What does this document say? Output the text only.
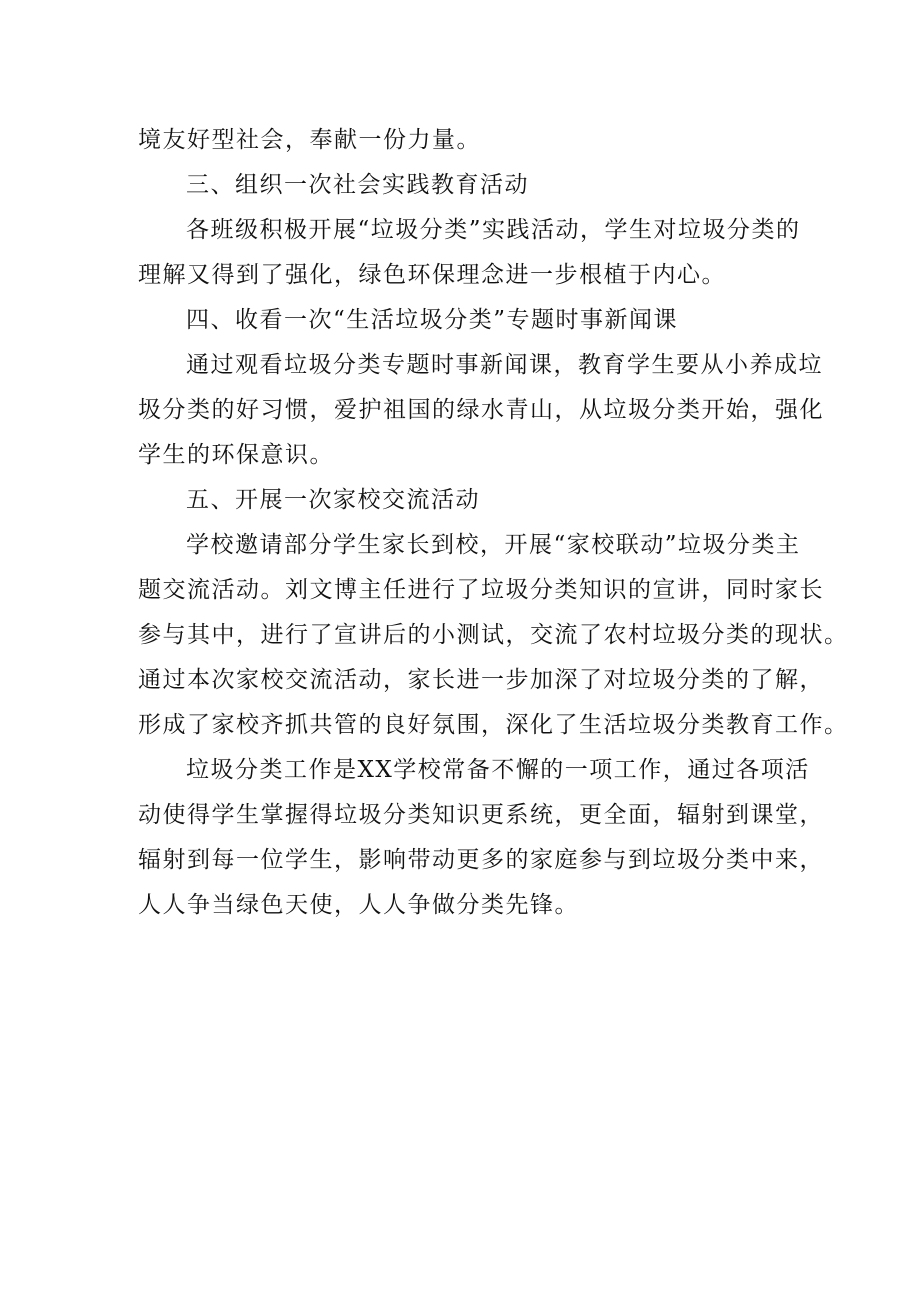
境友好型社会，奉献一份力量。
三、组织一次社会实践教育活动
各班级积极开展“垃圾分类”实践活动，学生对垃圾分类的
理解又得到了强化，绿色环保理念进一步根植于内心。
四、收看一次“生活垃圾分类”专题时事新闻课
通过观看垃圾分类专题时事新闻课，教育学生要从小养成垃
圾分类的好习惯，爱护祖国的绿水青山，从垃圾分类开始，强化
学生的环保意识。
五、开展一次家校交流活动
学校邀请部分学生家长到校，开展“家校联动”垃圾分类主
题交流活动。刘文博主任进行了垃圾分类知识的宣讲，同时家长
参与其中，进行了宣讲后的小测试，交流了农村垃圾分类的现状。
通过本次家校交流活动，家长进一步加深了对垃圾分类的了解，
形成了家校齐抓共管的良好氛围，深化了生活垃圾分类教育工作。
垃圾分类工作是XX学校常备不懈的一项工作，通过各项活
动使得学生掌握得垃圾分类知识更系统，更全面，辐射到课堂，
辐射到每一位学生，影响带动更多的家庭参与到垃圾分类中来，
人人争当绿色天使，人人争做分类先锋。
